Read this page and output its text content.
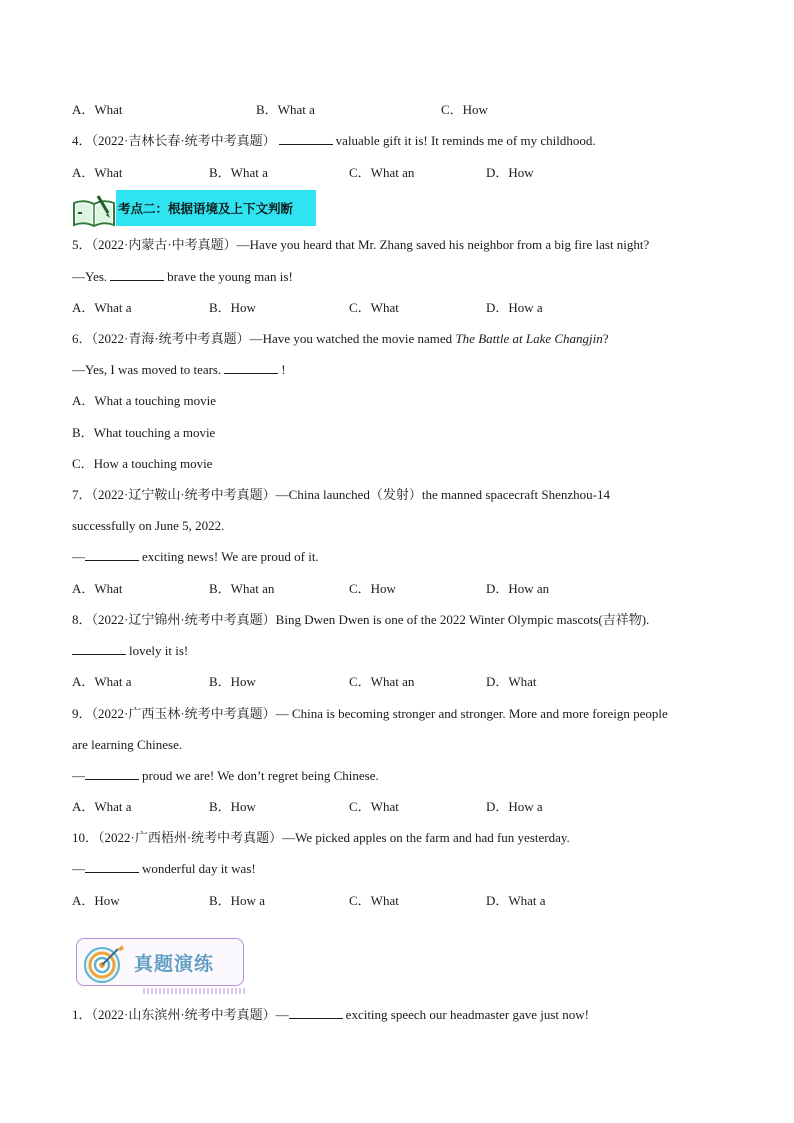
A．What	B．What a	C．How
4．（2022·吉林长春·统考中考真题）	valuable gift it is! It reminds me of my childhood.
A．What	B．What a	C．What an	D．How
考点二：根据语境及上下文判断
5．（2022·内蒙古·中考真题）—Have you heard that Mr. Zhang saved his neighbor from a big fire last night?
—Yes.	brave the young man is!
A．What a	B．How	C．What	D．How a
6．（2022·青海·统考中考真题）—Have you watched the movie named The Battle at Lake Changjin?
—Yes, I was moved to tears.	!
A．What a touching movie
B．What touching a movie
C．How a touching movie
7．（2022·辽宁鞍山·统考中考真题）—China launched（发射）the manned spacecraft Shenzhou-14
successfully on June 5, 2022.
—	exciting news! We are proud of it.
A．What	B．What an	C．How	D．How an
8．（2022·辽宁锦州·统考中考真题）Bing Dwen Dwen is one of the 2022 Winter Olympic mascots(吉祥物).
lovely it is!
A．What a	B．How	C．What an	D．What
9．（2022·广西玉林·统考中考真题）— China is becoming stronger and stronger. More and more foreign people
are learning Chinese.
—	proud we are! We don’t regret being Chinese.
A．What a	B．How	C．What	D．How a
10．（2022·广西梧州·统考中考真题）—We picked apples on the farm and had fun yesterday.
—	wonderful day it was!
A．How	B．How a	C．What	D．What a
真题演练
1．（2022·山东滨州·统考中考真题）—	exciting speech our headmaster gave just now!
